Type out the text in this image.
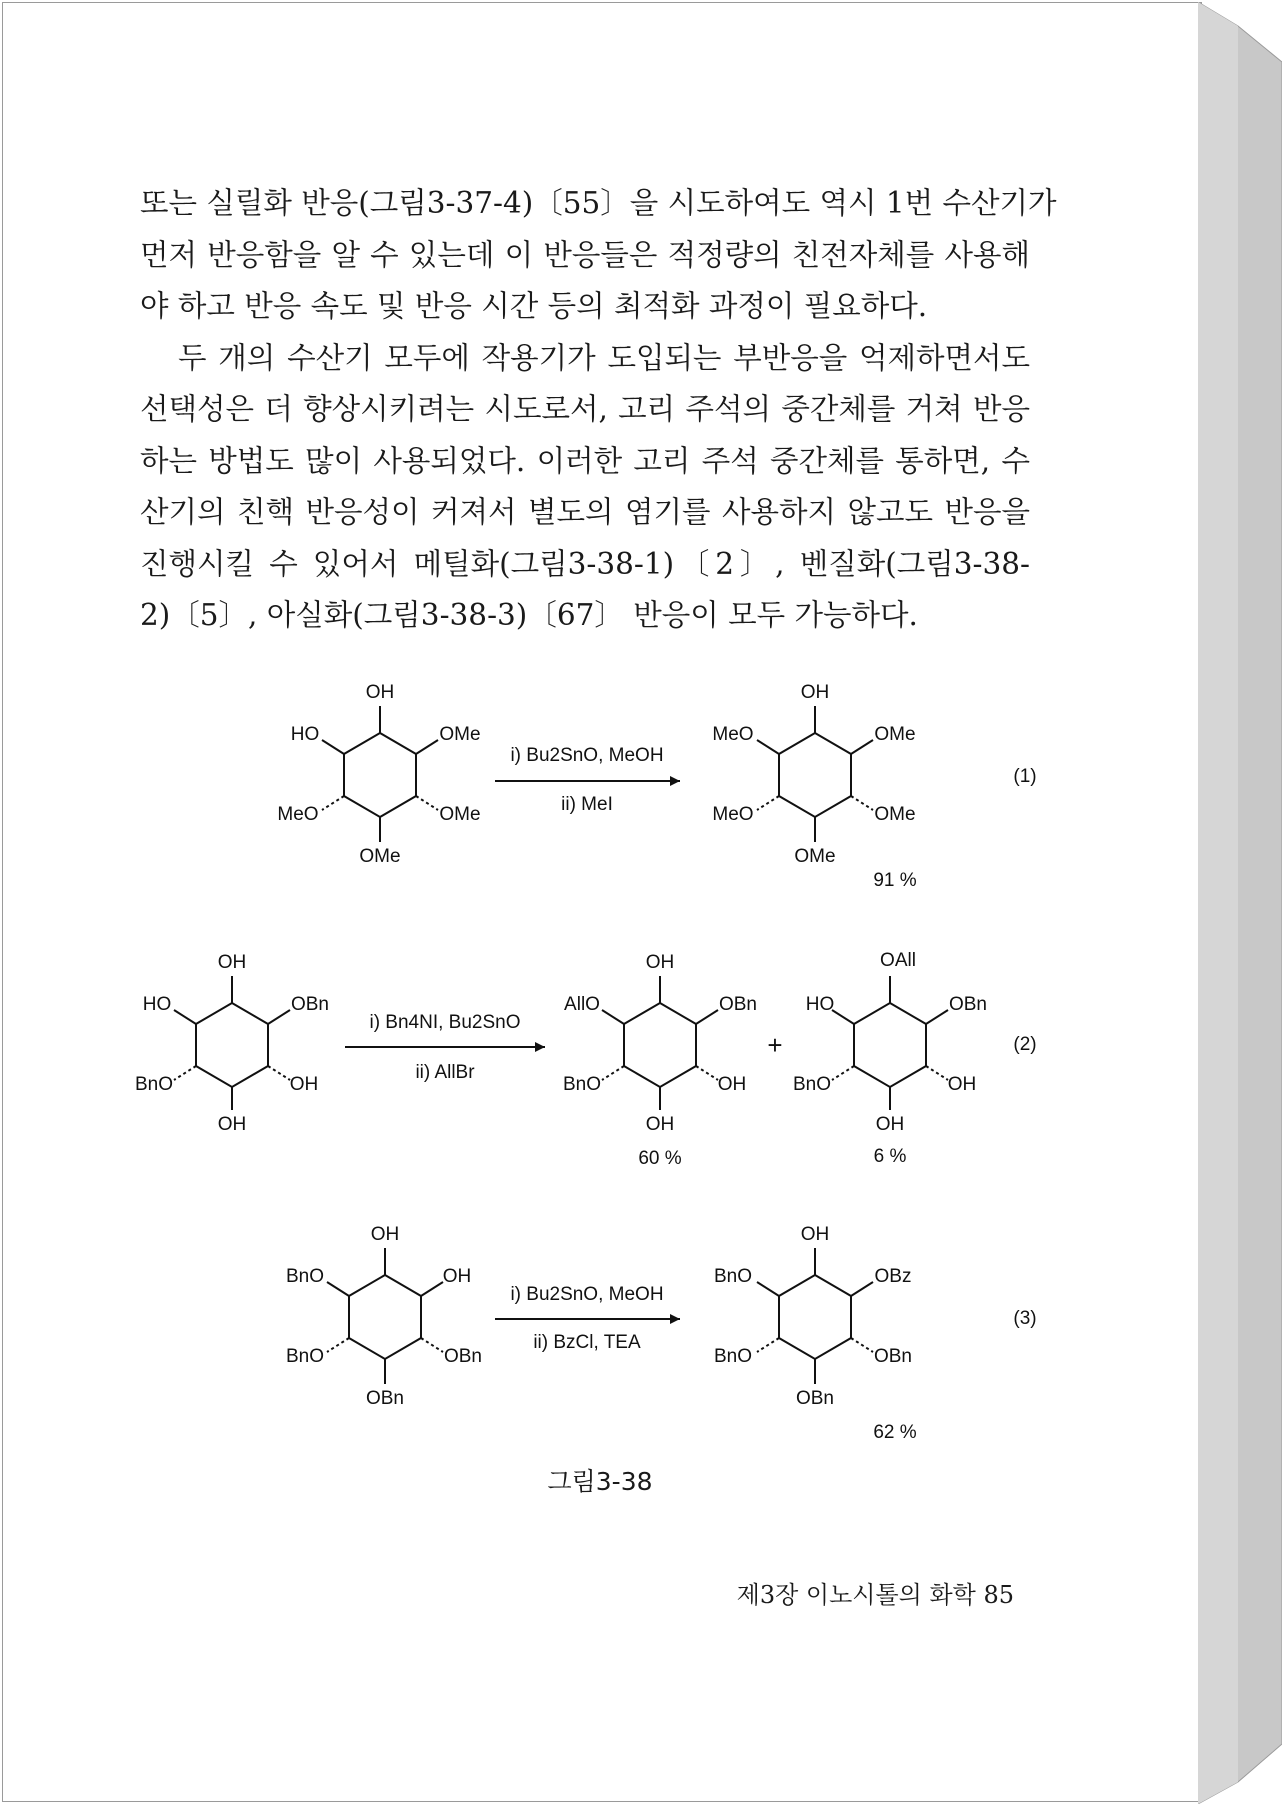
또는 실릴화 반응(그림3-37-4)〔55〕을 시도하여도 역시 1번 수산기가
먼저 반응함을 알 수 있는데 이 반응들은 적정량의 친전자체를 사용해
야 하고 반응 속도 및 반응 시간 등의 최적화 과정이 필요하다.
두 개의 수산기 모두에 작용기가 도입되는 부반응을 억제하면서도
선택성은 더 향상시키려는 시도로서, 고리 주석의 중간체를 거쳐 반응
하는 방법도 많이 사용되었다. 이러한 고리 주석 중간체를 통하면, 수
산기의 친핵 반응성이 커져서 별도의 염기를 사용하지 않고도 반응을
진행시킬 수 있어서 메틸화(그림3-38-1)〔2〕, 벤질화(그림3-38-
2)〔5〕, 아실화(그림3-38-3)〔67〕 반응이 모두 가능하다.
OH
HO	OMe
MeO	OMe
OMe
i) Bu2SnO, MeOH
ii) MeI
OH
MeO	OMe
MeO	OMe
OMe
91 %
(1)
OH
HO	OBn
BnO	OH
OH
i) Bn4NI, Bu2SnO
ii) AllBr
OH
AllO	OBn
BnO	OH
OH
60 %
+
OAll
HO	OBn
BnO	OH
OH
6 %
(2)
OH
BnO	OH
BnO	OBn
OBn
i) Bu2SnO, MeOH
ii) BzCl, TEA
OH
BnO	OBz
BnO	OBn
OBn
62 %
(3)
그림3-38
제3장 이노시톨의 화학 85
